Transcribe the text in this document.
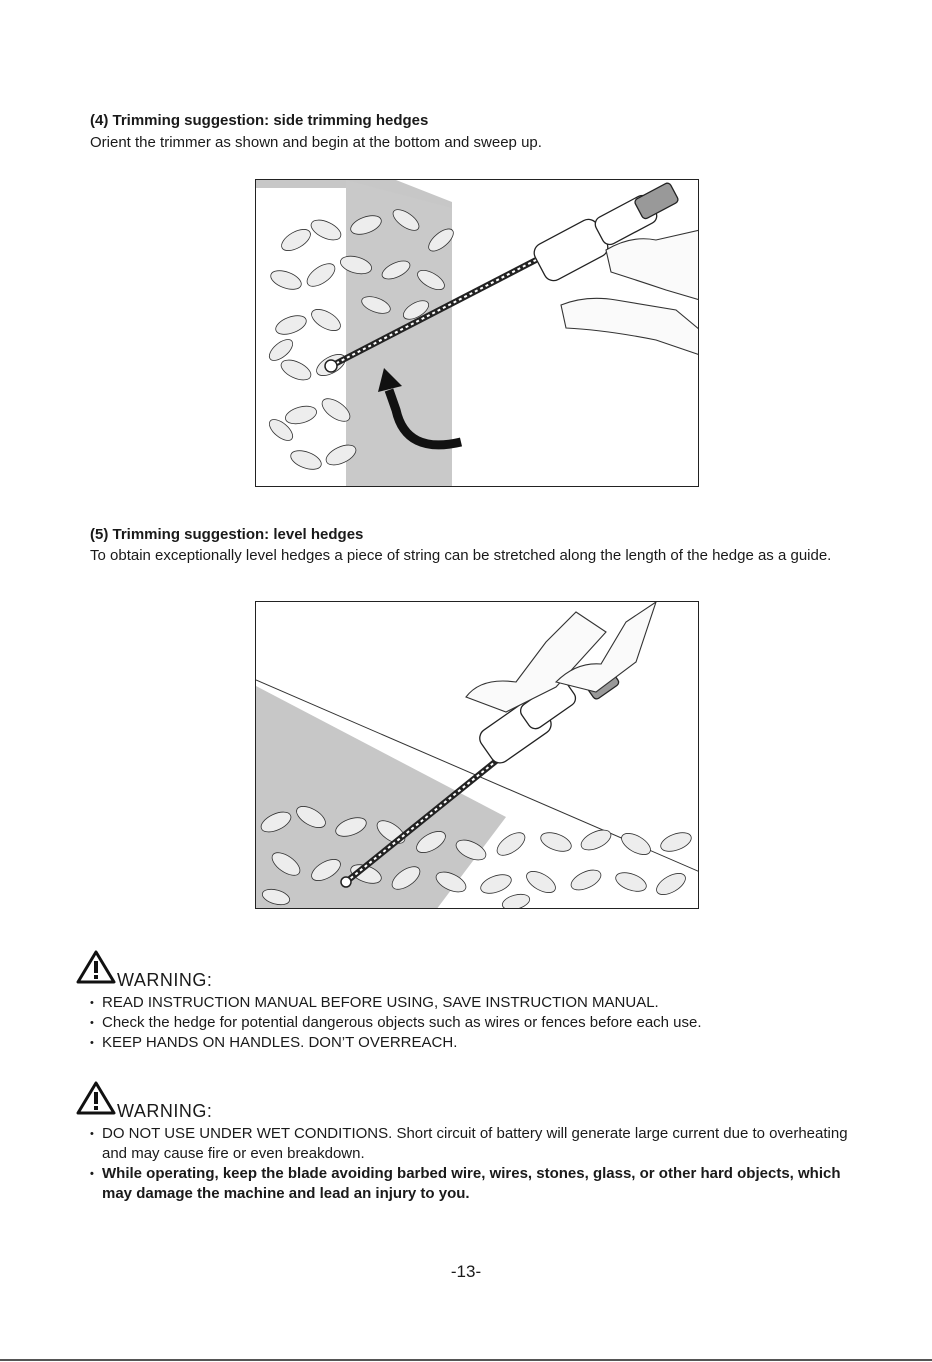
(4) Trimming suggestion: side trimming hedges
Orient the trimmer as shown and begin at the bottom and sweep up.
(5) Trimming suggestion: level hedges
To obtain exceptionally level hedges a piece of string can be stretched along the length of the hedge as a guide.
WARNING:
• READ INSTRUCTION MANUAL BEFORE USING, SAVE INSTRUCTION MANUAL.
• Check the hedge for potential dangerous objects such as wires or fences before each use.
• KEEP HANDS ON HANDLES. DON’T OVERREACH.
WARNING:
• DO NOT USE UNDER WET CONDITIONS. Short circuit of battery will generate large current due to overheating and may cause fire or even breakdown.
• While operating, keep the blade avoiding barbed wire, wires, stones, glass, or other hard objects, which may damage the machine and lead an injury to you.
-13-
